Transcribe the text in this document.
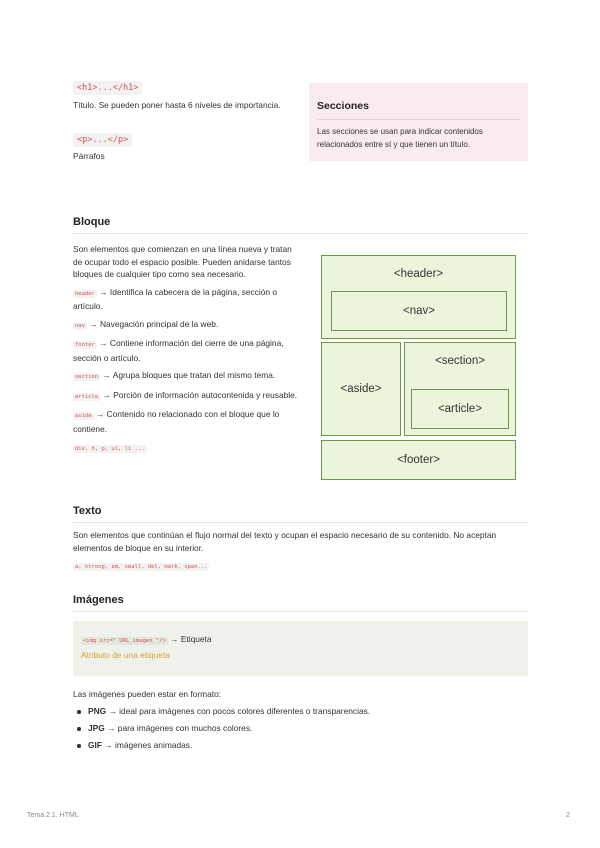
<h1>...</h1>
Título. Se pueden poner hasta 6 niveles de importancia.
<p>...</p>
Párrafos
Secciones

Las secciones se usan para indicar contenidos relacionados entre sí y que tienen un título.

Bloque

Son elementos que comienzan en una línea nueva y tratan de ocupar todo el espacio posible. Pueden anidarse tantos bloques de cualquier tipo como sea necesario.

header → Identifica la cabecera de la página, sección o artículo.

nav → Navegación principal de la web.

footer → Contiene información del cierre de una página, sección o artículo.

section → Agrupa bloques que tratan del mismo tema.

article → Porción de información autocontenida y reusable.

aside → Contenido no relacionado con el bloque que lo contiene.

div, h, p, ul, li ...
<header>
<nav>
<aside>
<section>
<article>
<footer>
Texto

Son elementos que continúan el flujo normal del texto y ocupan el espacio necesario de su contenido. No aceptan elementos de bloque en su interior.

a, strong, em, small, del, mark, span...
Imágenes
<img src=" URL_imagen "/> → Etiqueta
Atributo de una etiqueta
Las imágenes pueden estar en formato:
PNG → ideal para imágenes con pocos colores diferentes o transparencias.
JPG → para imágenes con muchos colores.
GIF → imágenes animadas.
Tema 2.1. HTML	2
